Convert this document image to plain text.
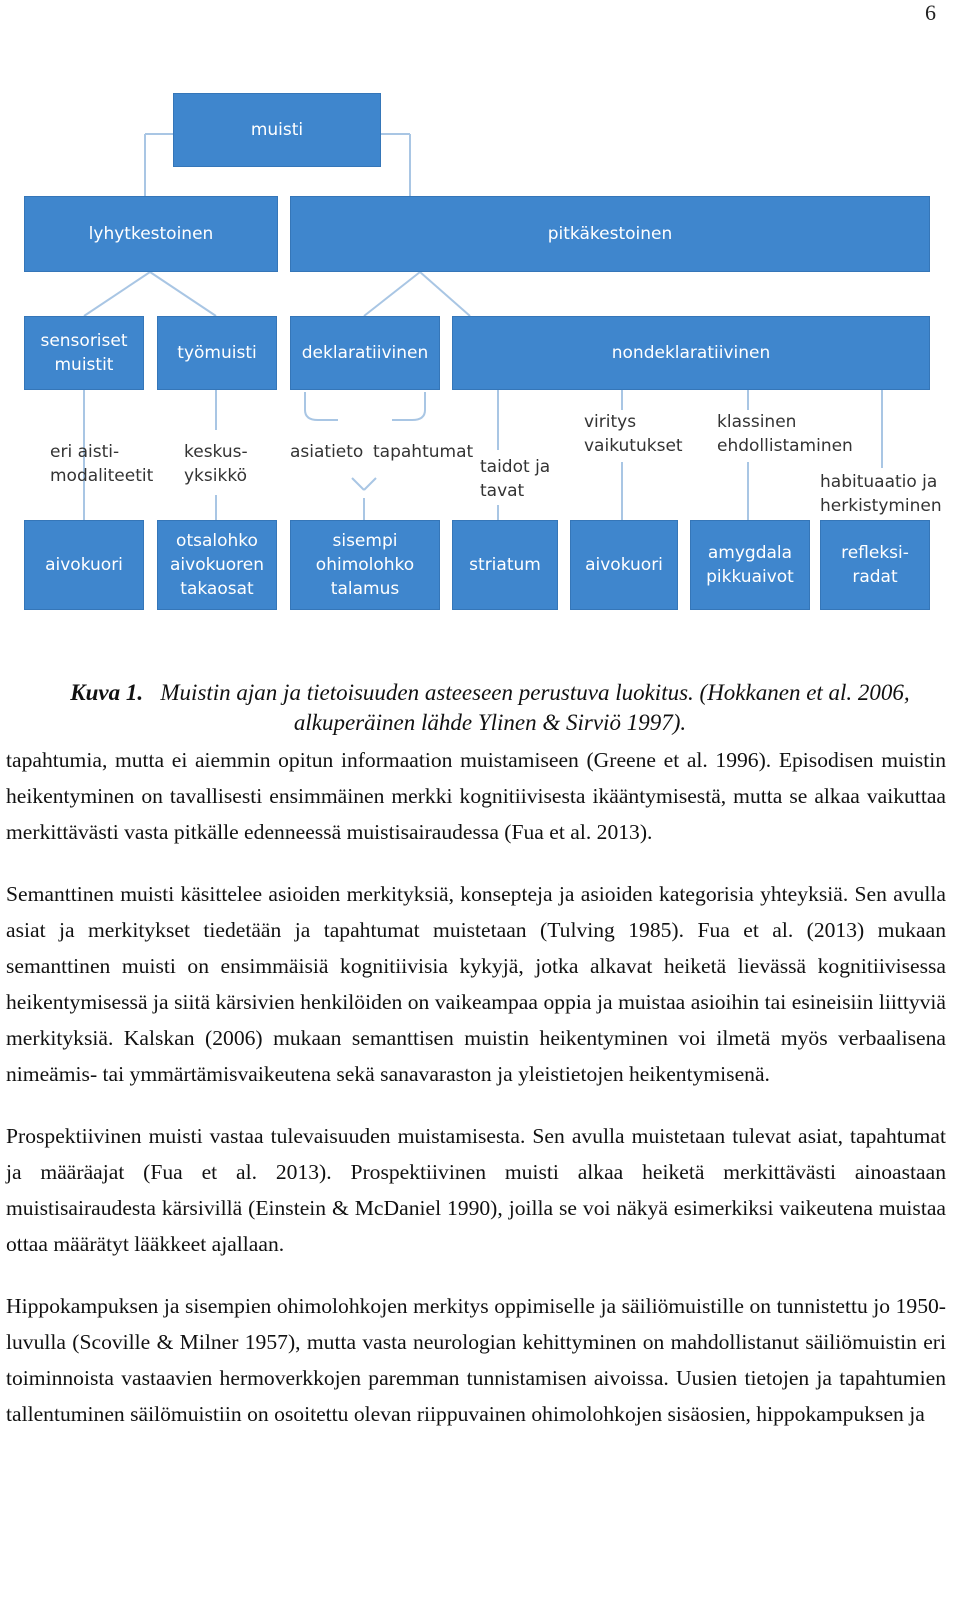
6
muisti
lyhytkestoinen	pitkäkestoinen
sensoriset
muistit
työmuisti	deklaratiivinen	nondeklaratiivinen
eri aisti-
modaliteetit
keskus-
yksikkö
asiatieto tapahtumat
taidot ja
tavat
viritys
vaikutukset
klassinen
ehdollistaminen
habituaatio ja
herkistyminen
aivokuori
otsalohko
aivokuoren
takaosat
sisempi
ohimolohko
talamus
striatum	aivokuori
amygdala
pikkuaivot
refleksi-
radat
Kuva 1. Muistin ajan ja tietoisuuden asteeseen perustuva luokitus. (Hokkanen et al. 2006, alkuperäinen lähde Ylinen & Sirviö 1997).

tapahtumia, mutta ei aiemmin opitun informaation muistamiseen (Greene et al. 1996). Episodisen muistin heikentyminen on tavallisesti ensimmäinen merkki kognitiivisesta ikääntymisestä, mutta se alkaa vaikuttaa merkittävästi vasta pitkälle edenneessä muistisairaudessa (Fua et al. 2013).

Semanttinen muisti käsittelee asioiden merkityksiä, konsepteja ja asioiden kategorisia yhteyksiä. Sen avulla asiat ja merkitykset tiedetään ja tapahtumat muistetaan (Tulving 1985). Fua et al. (2013) mukaan semanttinen muisti on ensimmäisiä kognitiivisia kykyjä, jotka alkavat heiketä lievässä kognitiivisessa heikentymisessä ja siitä kärsivien henkilöiden on vaikeampaa oppia ja muistaa asioihin tai esineisiin liittyviä merkityksiä. Kalskan (2006) mukaan semanttisen muistin heikentyminen voi ilmetä myös verbaalisena nimeämis- tai ymmärtämisvaikeutena sekä sanavaraston ja yleistietojen heikentymisenä.

Prospektiivinen muisti vastaa tulevaisuuden muistamisesta. Sen avulla muistetaan tulevat asiat, tapahtumat ja määräajat (Fua et al. 2013). Prospektiivinen muisti alkaa heiketä merkittävästi ainoastaan muistisairaudesta kärsivillä (Einstein & McDaniel 1990), joilla se voi näkyä esimerkiksi vaikeutena muistaa ottaa määrätyt lääkkeet ajallaan.

Hippokampuksen ja sisempien ohimolohkojen merkitys oppimiselle ja säiliömuistille on tunnistettu jo 1950-luvulla (Scoville & Milner 1957), mutta vasta neurologian kehittyminen on mahdollistanut säiliömuistin eri toiminnoista vastaavien hermoverkkojen paremman tunnistamisen aivoissa. Uusien tietojen ja tapahtumien tallentuminen säilömuistiin on osoitettu olevan riippuvainen ohimolohkojen sisäosien, hippokampuksen ja
